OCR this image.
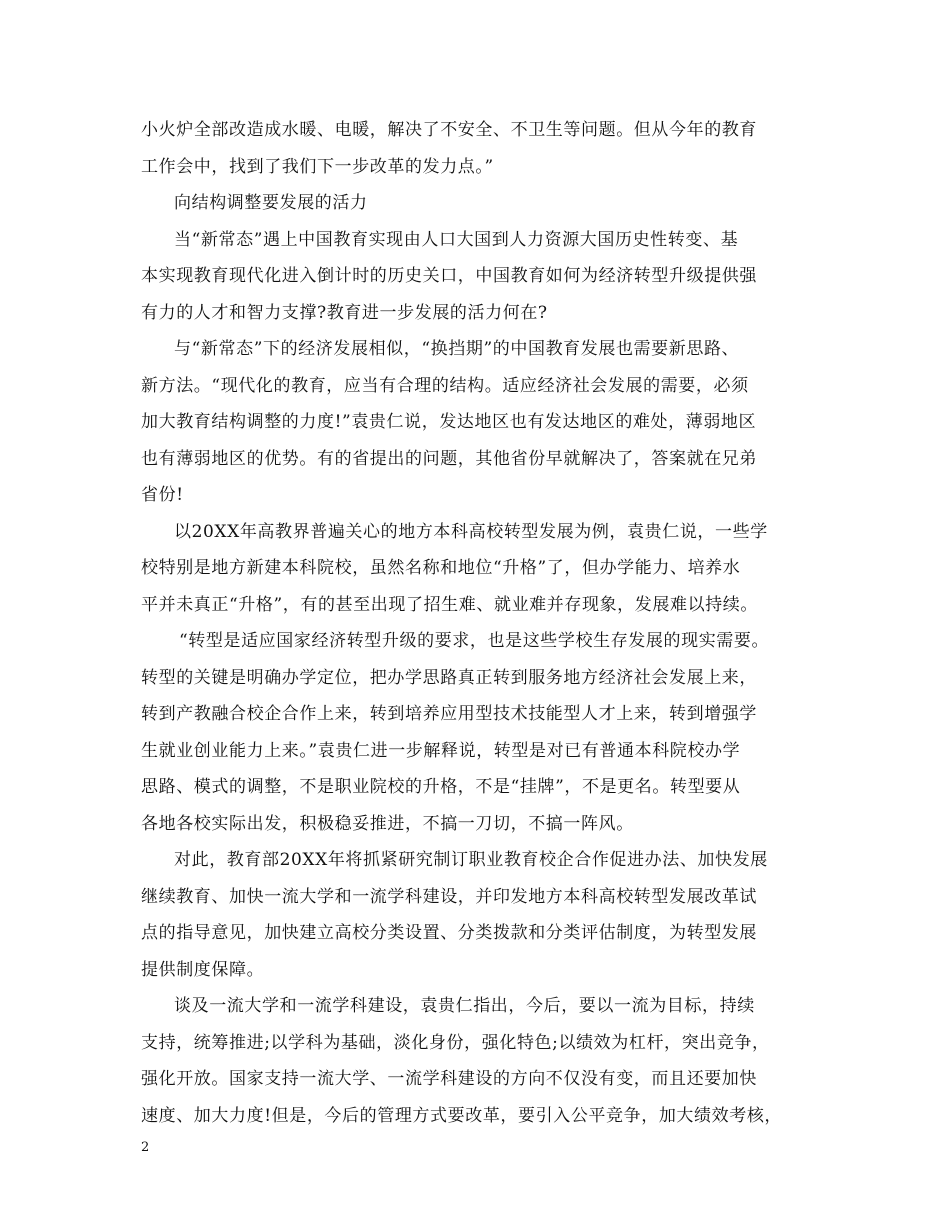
小火炉全部改造成水暖、电暖，解决了不安全、不卫生等问题。但从今年的教育
工作会中，找到了我们下一步改革的发力点。”
向结构调整要发展的活力
当“新常态”遇上中国教育实现由人口大国到人力资源大国历史性转变、基
本实现教育现代化进入倒计时的历史关口，中国教育如何为经济转型升级提供强
有力的人才和智力支撑?教育进一步发展的活力何在?
与“新常态”下的经济发展相似，“换挡期”的中国教育发展也需要新思路、
新方法。“现代化的教育，应当有合理的结构。适应经济社会发展的需要，必须
加大教育结构调整的力度!”袁贵仁说，发达地区也有发达地区的难处，薄弱地区
也有薄弱地区的优势。有的省提出的问题，其他省份早就解决了，答案就在兄弟
省份!
以20XX年高教界普遍关心的地方本科高校转型发展为例，袁贵仁说，一些学
校特别是地方新建本科院校，虽然名称和地位“升格”了，但办学能力、培养水
平并未真正“升格”，有的甚至出现了招生难、就业难并存现象，发展难以持续。
“转型是适应国家经济转型升级的要求，也是这些学校生存发展的现实需要。
转型的关键是明确办学定位，把办学思路真正转到服务地方经济社会发展上来，
转到产教融合校企合作上来，转到培养应用型技术技能型人才上来，转到增强学
生就业创业能力上来。”袁贵仁进一步解释说，转型是对已有普通本科院校办学
思路、模式的调整，不是职业院校的升格，不是“挂牌”，不是更名。转型要从
各地各校实际出发，积极稳妥推进，不搞一刀切，不搞一阵风。
对此，教育部20XX年将抓紧研究制订职业教育校企合作促进办法、加快发展
继续教育、加快一流大学和一流学科建设，并印发地方本科高校转型发展改革试
点的指导意见，加快建立高校分类设置、分类拨款和分类评估制度，为转型发展
提供制度保障。
谈及一流大学和一流学科建设，袁贵仁指出，今后，要以一流为目标，持续
支持，统筹推进;以学科为基础，淡化身份，强化特色;以绩效为杠杆，突出竞争，
强化开放。国家支持一流大学、一流学科建设的方向不仅没有变，而且还要加快
速度、加大力度!但是，今后的管理方式要改革，要引入公平竞争，加大绩效考核，
2
